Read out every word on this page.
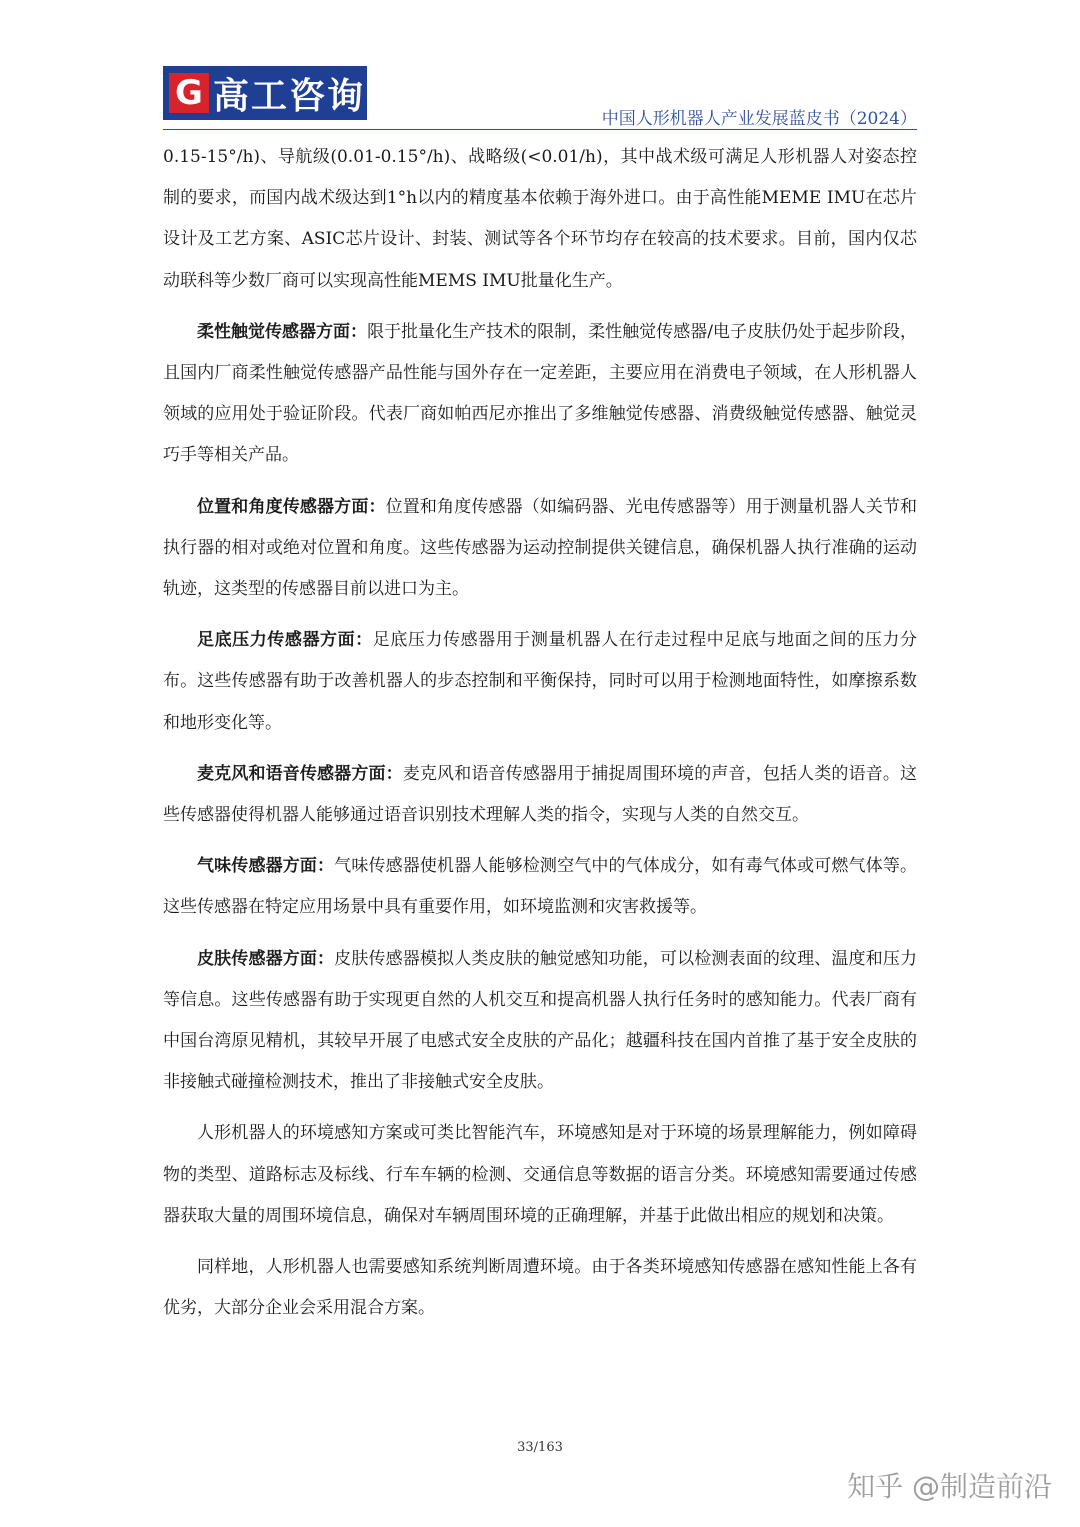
G 高工咨询
中国人形机器人产业发展蓝皮书（2024）

0.15-15°/h)、导航级(0.01-0.15°/h)、战略级(<0.01/h)，其中战术级可满足人形机器人对姿态控制的要求，而国内战术级达到1°h以内的精度基本依赖于海外进口。由于高性能MEME IMU在芯片设计及工艺方案、ASIC芯片设计、封装、测试等各个环节均存在较高的技术要求。目前，国内仅芯动联科等少数厂商可以实现高性能MEMS IMU批量化生产。

柔性触觉传感器方面：限于批量化生产技术的限制，柔性触觉传感器/电子皮肤仍处于起步阶段，且国内厂商柔性触觉传感器产品性能与国外存在一定差距，主要应用在消费电子领域，在人形机器人领域的应用处于验证阶段。代表厂商如帕西尼亦推出了多维触觉传感器、消费级触觉传感器、触觉灵巧手等相关产品。

位置和角度传感器方面：位置和角度传感器（如编码器、光电传感器等）用于测量机器人关节和执行器的相对或绝对位置和角度。这些传感器为运动控制提供关键信息，确保机器人执行准确的运动轨迹，这类型的传感器目前以进口为主。

足底压力传感器方面：足底压力传感器用于测量机器人在行走过程中足底与地面之间的压力分布。这些传感器有助于改善机器人的步态控制和平衡保持，同时可以用于检测地面特性，如摩擦系数和地形变化等。

麦克风和语音传感器方面：麦克风和语音传感器用于捕捉周围环境的声音，包括人类的语音。这些传感器使得机器人能够通过语音识别技术理解人类的指令，实现与人类的自然交互。

气味传感器方面：气味传感器使机器人能够检测空气中的气体成分，如有毒气体或可燃气体等。这些传感器在特定应用场景中具有重要作用，如环境监测和灾害救援等。

皮肤传感器方面：皮肤传感器模拟人类皮肤的触觉感知功能，可以检测表面的纹理、温度和压力等信息。这些传感器有助于实现更自然的人机交互和提高机器人执行任务时的感知能力。代表厂商有中国台湾原见精机，其较早开展了电感式安全皮肤的产品化；越疆科技在国内首推了基于安全皮肤的非接触式碰撞检测技术，推出了非接触式安全皮肤。

人形机器人的环境感知方案或可类比智能汽车，环境感知是对于环境的场景理解能力，例如障碍物的类型、道路标志及标线、行车车辆的检测、交通信息等数据的语言分类。环境感知需要通过传感器获取大量的周围环境信息，确保对车辆周围环境的正确理解，并基于此做出相应的规划和决策。

同样地，人形机器人也需要感知系统判断周遭环境。由于各类环境感知传感器在感知性能上各有优劣，大部分企业会采用混合方案。

33/163
知乎 @制造前沿
